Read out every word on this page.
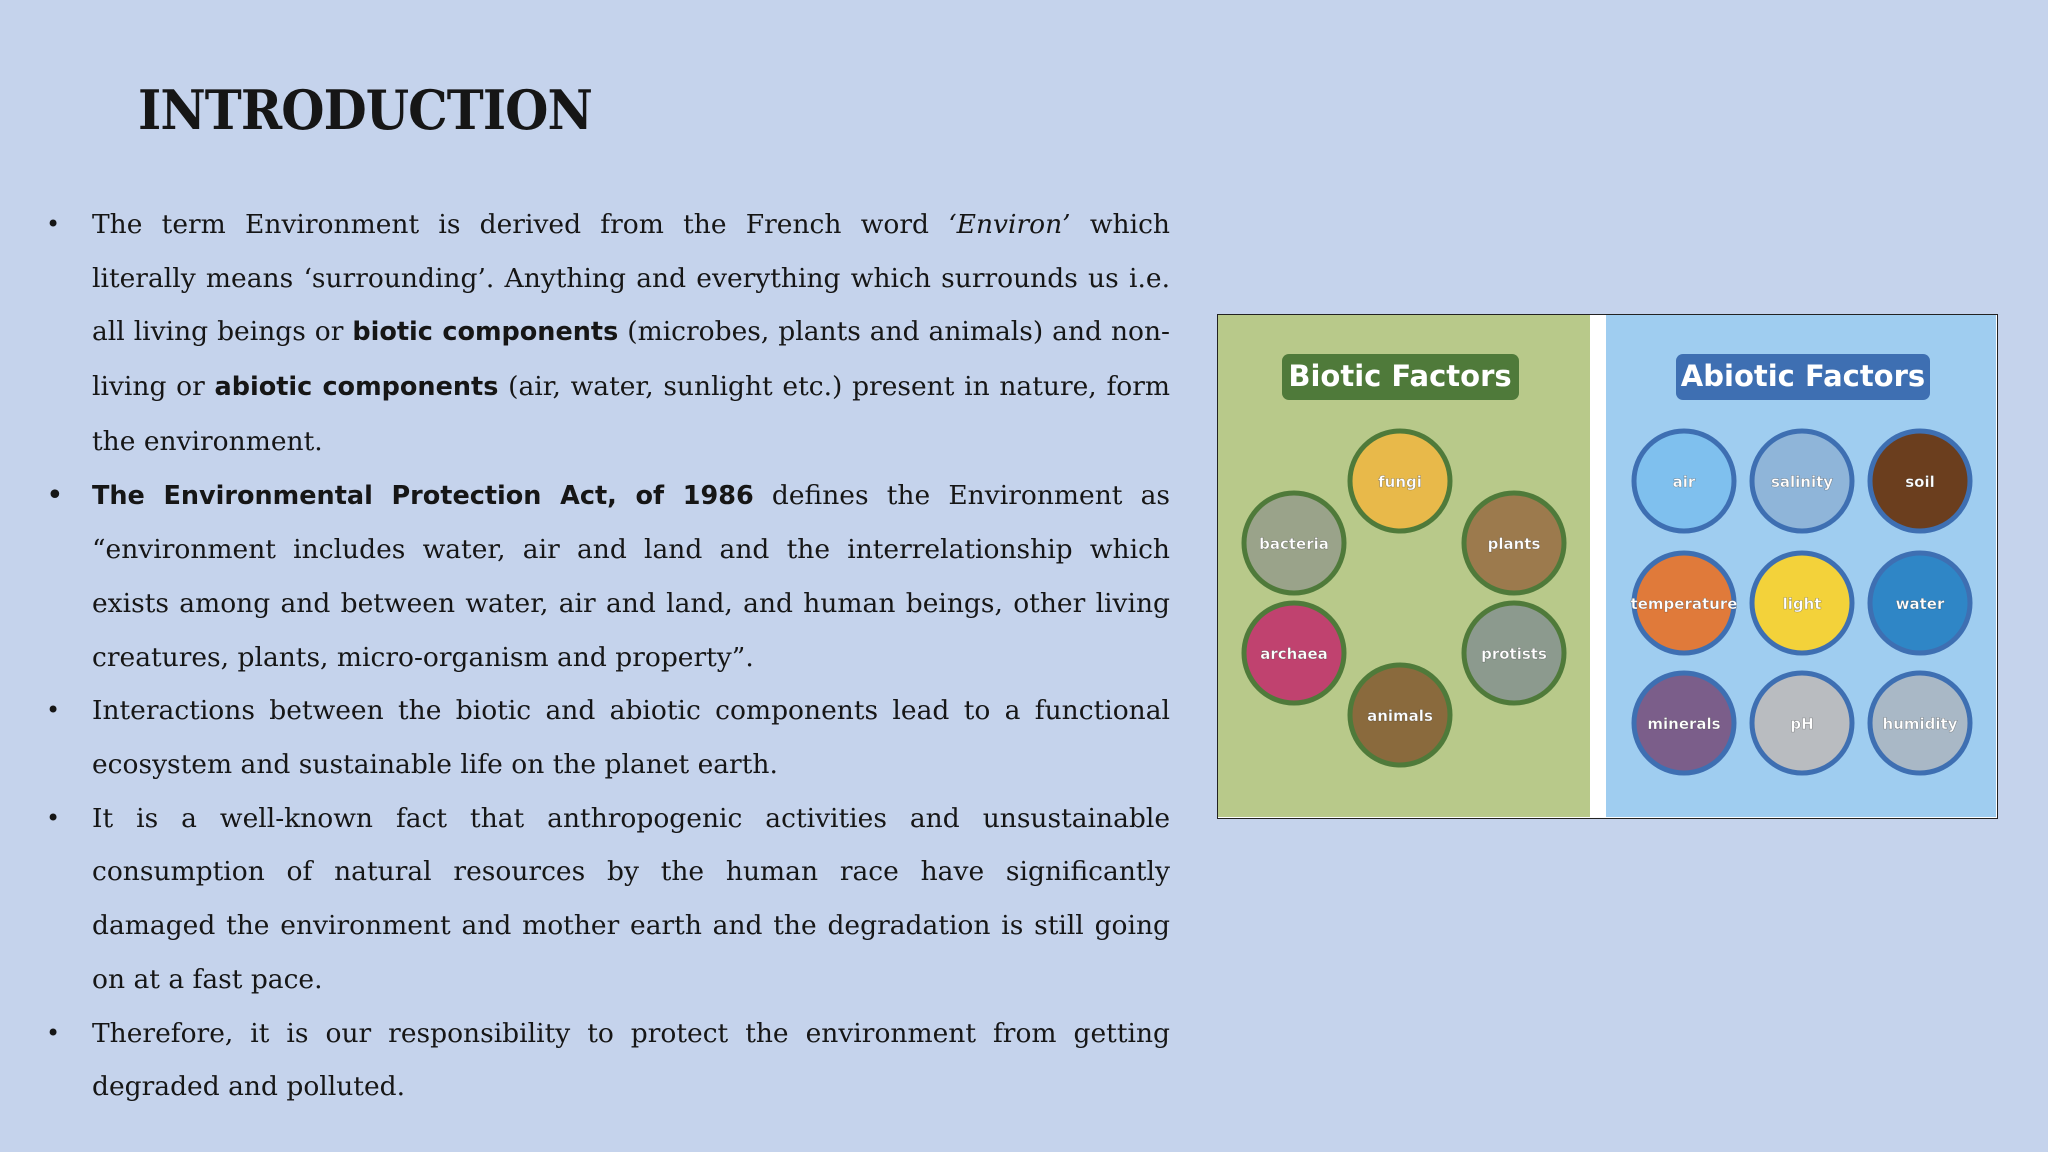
INTRODUCTION
• The term Environment is derived from the French word ‘Environ’ which literally means ‘surrounding’. Anything and everything which surrounds us i.e. all living beings or biotic components (microbes, plants and animals) and non-living or abiotic components (air, water, sunlight etc.) present in nature, form the environment.
• The Environmental Protection Act, of 1986 defines the Environment as “environment includes water, air and land and the interrelationship which exists among and between water, air and land, and human beings, other living creatures, plants, micro-organism and property”.
• Interactions between the biotic and abiotic components lead to a functional ecosystem and sustainable life on the planet earth.
• It is a well-known fact that anthropogenic activities and unsustainable consumption of natural resources by the human race have significantly damaged the environment and mother earth and the degradation is still going on at a fast pace.
• Therefore, it is our responsibility to protect the environment from getting degraded and polluted.
Biotic Factors	Abiotic Factors
fungi
bacteria	plants
archaea	protists
animals
air	salinity	soil
temperature	light	water
minerals	pH	humidity
